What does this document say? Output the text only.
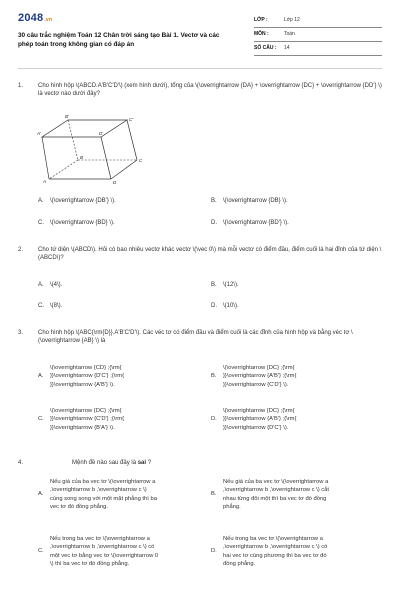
2048.vn
30 câu trắc nghiệm Toán 12 Chân trời sáng tạo Bài 1. Vectơ và các phép toán trong không gian có đáp án
LỚP :	Lớp 12
MÔN :	Toán
SỐ CÂU :	14
1.	Cho hình hộp \(ABCD.A'B'C'D'\) (xem hình dưới), tổng của \(\overrightarrow {DA} + \overrightarrow {DC} + \overrightarrow {DD'} \) là vectơ nào dưới đây?
B'
C'
A'	D'
B
C
A	D
A.	\(\overrightarrow {DB'} \).	B.	\(\overrightarrow {DB} \).
C.	\(\overrightarrow {BD} \).	D.	\(\overrightarrow {BD'} \).
2.	Cho tứ diện \(ABCD\). Hỏi có bao nhiêu vectơ khác vectơ \(\vec 0\) mà mỗi vectơ có điểm đầu, điểm cuối là hai đỉnh của tứ diện \(ABCD\)?
A.	\(4\).	B.	\(12\).
C.	\(8\).	D.	\(10\).
3.	Cho hình hộp \(ABC{\rm{D}}.A'B'C'D'\). Các véc tơ có điểm đầu và điểm cuối là các đỉnh của hình hộp và bằng véc tơ \(\overrightarrow {AB} \) là
A.
\(\overrightarrow {CD} ;{\rm{
}}\overrightarrow {D'C'} ;{\rm{
}}\overrightarrow {A'B'} \).
B.
\(\overrightarrow {DC} ;{\rm{
}}\overrightarrow {A'B'} ;{\rm{
}}\overrightarrow {C'D'} \).
C.
\(\overrightarrow {DC} ;{\rm{
}}\overrightarrow {C'D'} ;{\rm{
}}\overrightarrow {B'A'} \).
D.
\(\overrightarrow {DC} ;{\rm{
}}\overrightarrow {A'B'} ;{\rm{
}}\overrightarrow {D'C'} \).
4.	Mệnh đề nào sau đây là sai ?
A.
Nếu giá của ba vec tơ \(\overrightarrow a
,\overrightarrow b ,\overrightarrow c \)
cùng song song với một mặt phẳng thì ba
vec tơ đó đồng phẳng.
B.
Nếu giá của ba vec tơ \(\overrightarrow a
,\overrightarrow b ,\overrightarrow c \) cắt
nhau từng đôi một thì ba vec tơ đó đồng
phẳng.
C.
Nếu trong ba vec tơ \(\overrightarrow a
,\overrightarrow b ,\overrightarrow c \) có
một vec tơ bằng vec tơ \(\overrightarrow 0
\) thì ba vec tơ đó đồng phẳng.
D.
Nếu trong ba vec tơ \(\overrightarrow a
,\overrightarrow b ,\overrightarrow c \) có
hai vec tơ cùng phương thì ba vec tơ đó
đồng phẳng.
